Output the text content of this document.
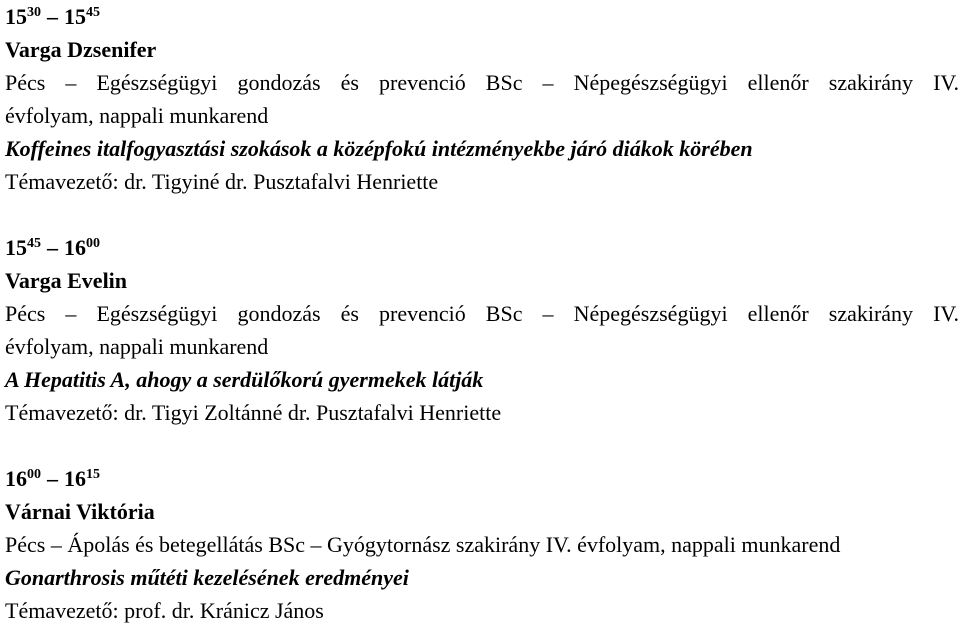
$15^{30} - 15^{45}$
Varga Dzsenifer
Pécs – Egészségügyi gondozás és prevenció BSc – Népegészségügyi ellenőr szakirány IV.
évfolyam, nappali munkarend
Koffeines italfogyasztási szokások a középfokú intézményekbe járó diákok körében
Témavezető: dr. Tigyiné dr. Pusztafalvi Henriette
$15^{45} - 16^{00}$
Varga Evelin
Pécs – Egészségügyi gondozás és prevenció BSc – Népegészségügyi ellenőr szakirány IV.
évfolyam, nappali munkarend
A Hepatitis A, ahogy a serdülőkorú gyermekek látják
Témavezető: dr. Tigyi Zoltánné dr. Pusztafalvi Henriette
$16^{00} - 16^{15}$
Várnai Viktória
Pécs – Ápolás és betegellátás BSc – Gyógytornász szakirány IV. évfolyam, nappali munkarend
Gonarthrosis műtéti kezelésének eredményei
Témavezető: prof. dr. Kránicz János
